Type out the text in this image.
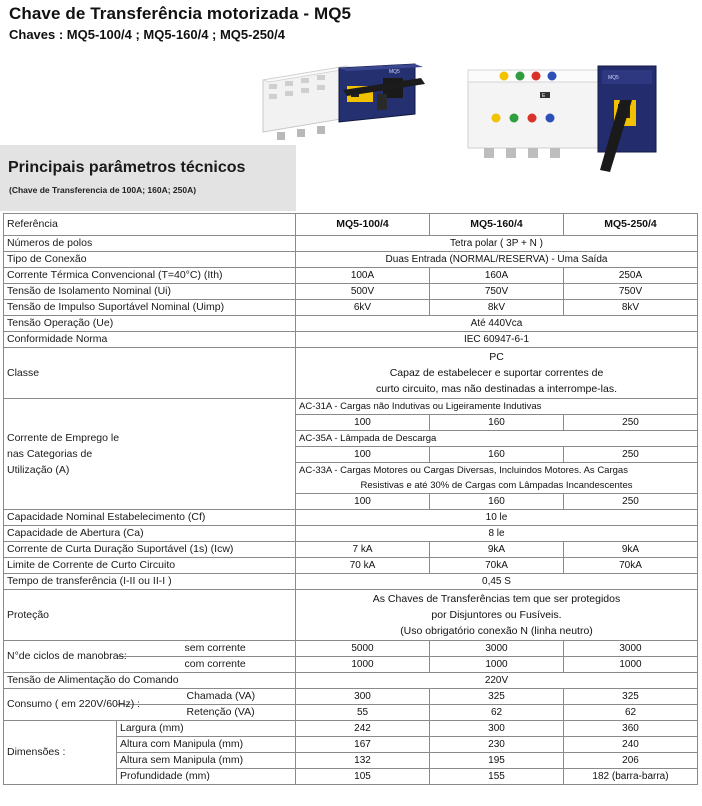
Chave de Transferência motorizada - MQ5
Chaves : MQ5-100/4 ; MQ5-160/4 ; MQ5-250/4
MQ5
E
MQ5
Principais parâmetros técnicos
(Chave de Transferencia de 100A; 160A; 250A)
Referência		MQ5-100/4	MQ5-160/4	MQ5-250/4
Números de polos		Tetra polar ( 3P + N )		
Tipo de Conexão		Duas Entrada (NORMAL/RESERVA) - Uma Saída		
Corrente Térmica Convencional (T=40°C) (Ith)		100A	160A	250A
Tensão de Isolamento Nominal (Ui)		500V	750V	750V
Tensão de Impulso Suportável Nominal (Uimp)		6kV	8kV	8kV
Tensão Operação (Ue)		Até 440Vca		
Conformidade Norma		IEC 60947-6-1		
Classe		PC
Capaz de estabelecer e suportar correntes de
curto circuito, mas não destinadas a interrompe-las.		

Corrente de Emprego le
nas Categorias de
Utilização (A)		AC-31A - Cargas não Indutivas ou Ligeiramente Indutivas		
		100	160	250
		AC-35A - Lâmpada de Descarga		
		100	160	250

		AC-33A - Cargas Motores ou Cargas Diversas, Incluindos Motores. As Cargas
Resistivas e até 30% de Cargas com Lâmpadas Incandescentes		

		100	160	250
Capacidade Nominal Estabelecimento (Cf)		10 le		
Capacidade de Abertura (Ca)		8 le		
Corrente de Curta Duração Suportável (1s) (Icw)		7 kA	9kA	9kA
Limite de Corrente de Curto Circuito		70 kA	70kA	70kA
Tempo de transferência (I-II ou II-I )		0,45 S		
Proteção		As Chaves de Transferências tem que ser protegidos
por Disjuntores ou Fusíveis.
(Uso obrigatório conexão N (linha neutro)		

N°de ciclos de manobras:	sem corrente	5000	3000	3000
	com corrente	1000	1000	1000
Tensão de Alimentação do Comando		220V		
Consumo ( em 220V/60Hz) :	Chamada (VA)	300	325	325
	Retenção (VA)	55	62	62
Dimensões :	Largura (mm)	242	300	360
	Altura com Manipula (mm)	167	230	240
	Altura sem Manipula (mm)	132	195	206
	Profundidade (mm)	105	155	182 (barra-barra)
